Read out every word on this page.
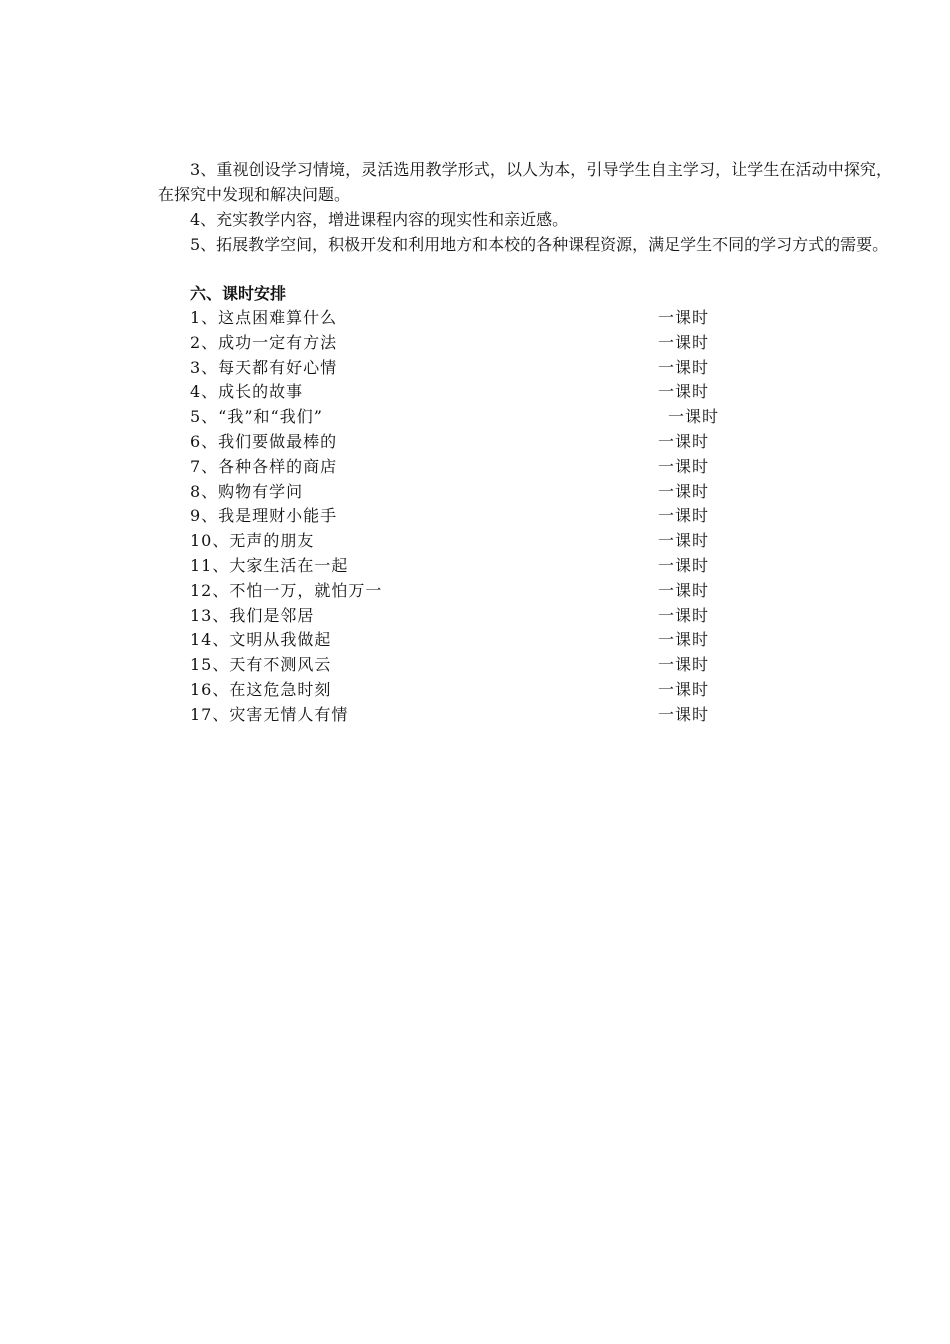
3、重视创设学习情境，灵活选用教学形式，以人为本，引导学生自主学习，让学生在活动中探究，在探究中发现和解决问题。

4、充实教学内容，增进课程内容的现实性和亲近感。

5、拓展教学空间，积极开发和利用地方和本校的各种课程资源，满足学生不同的学习方式的需要。

六、课时安排
1、这点困难算什么	一课时
2、成功一定有方法	一课时
3、每天都有好心情	一课时
4、成长的故事	一课时
5、“我”和“我们”	一课时
6、我们要做最棒的	一课时
7、各种各样的商店	一课时
8、购物有学问	一课时
9、我是理财小能手	一课时
10、无声的朋友	一课时
11、大家生活在一起	一课时
12、不怕一万，就怕万一	一课时
13、我们是邻居	一课时
14、文明从我做起	一课时
15、天有不测风云	一课时
16、在这危急时刻	一课时
17、灾害无情人有情	一课时
